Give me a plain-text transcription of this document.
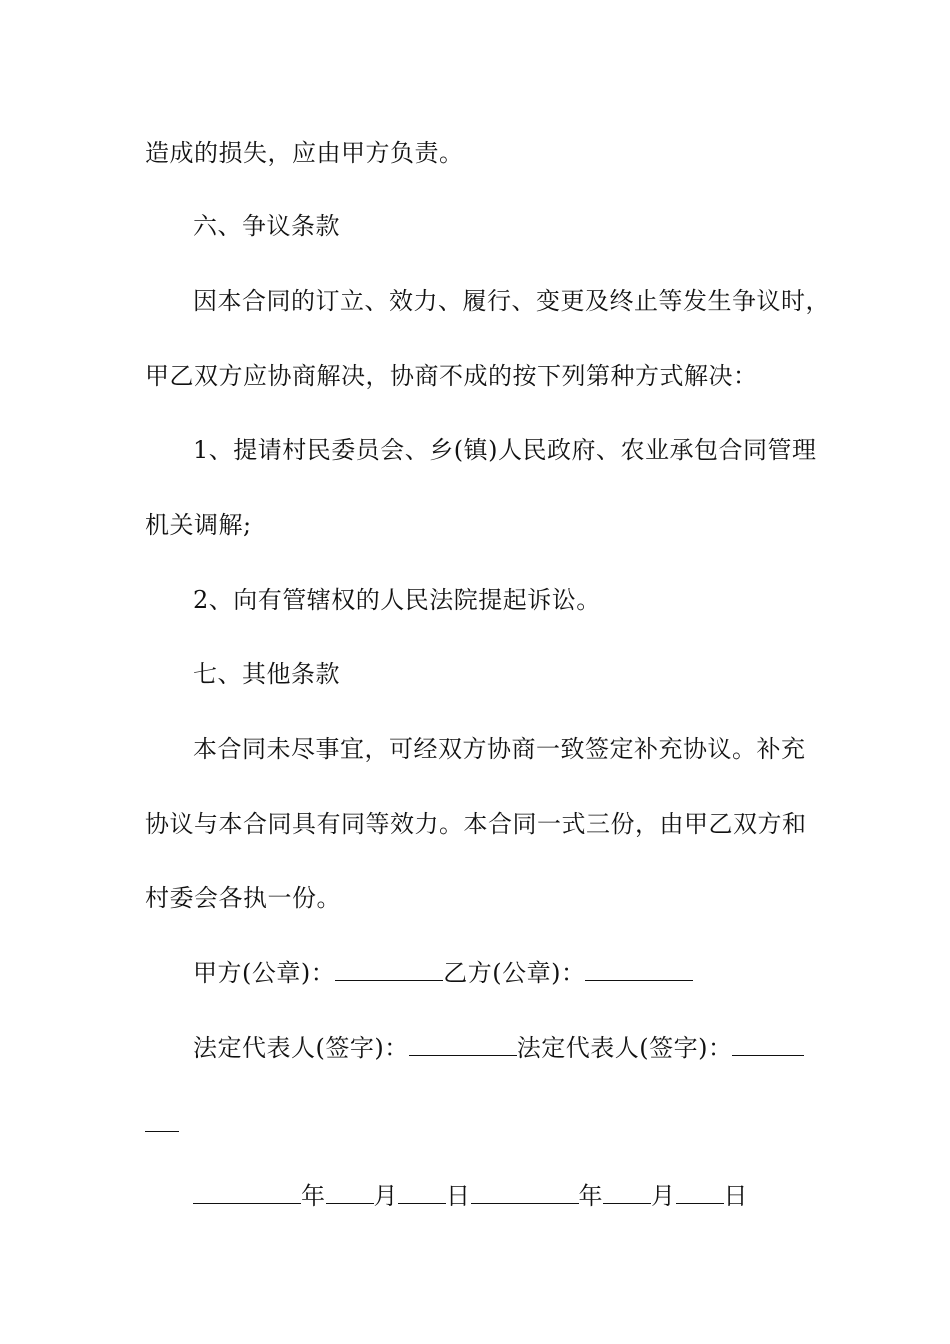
造成的损失，应由甲方负责。
六、争议条款
因本合同的订立、效力、履行、变更及终止等发生争议时，
甲乙双方应协商解决，协商不成的按下列第种方式解决：
1、提请村民委员会、乡(镇)人民政府、农业承包合同管理
机关调解;
2、向有管辖权的人民法院提起诉讼。
七、其他条款
本合同未尽事宜，可经双方协商一致签定补充协议。补充
协议与本合同具有同等效力。本合同一式三份，由甲乙双方和
村委会各执一份。
甲方(公章)：	乙方(公章)：
法定代表人(签字)：	法定代表人(签字)：
年 月 日	年 月 日
